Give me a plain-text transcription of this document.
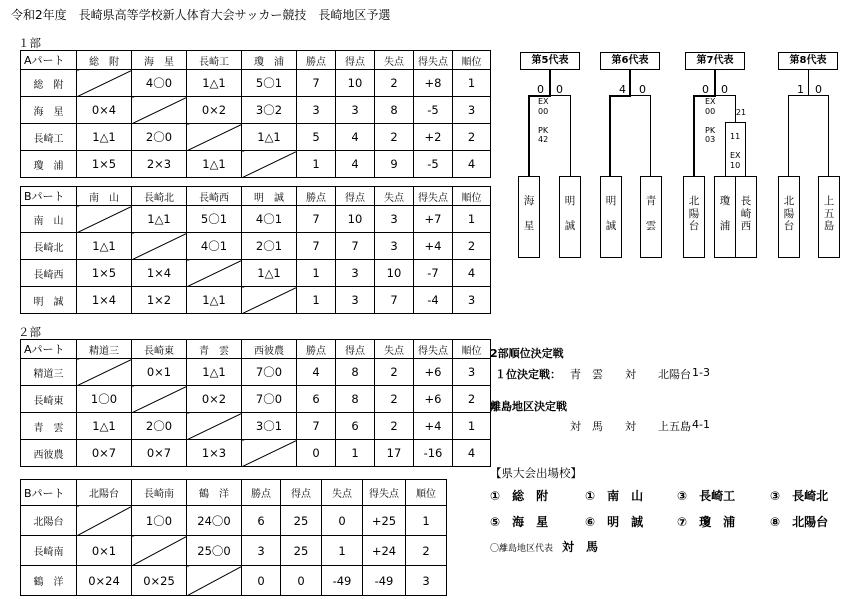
令和2年度　長崎県高等学校新人体育大会サッカー競技　長崎地区予選
１部
２部
Aパート	総　附	海　星	長崎工	瓊　浦	勝点	得点	失点	得失点	順位
総　附		4〇0	1△1	5〇1	7	10	2	+8	1
海　星	0×4		0×2	3〇2	3	3	8	-5	3
長崎工	1△1	2〇0		1△1	5	4	2	+2	2
瓊　浦	1×5	2×3	1△1		1	4	9	-5	4
Bパート	南　山	長崎北	長崎西	明　誠	勝点	得点	失点	得失点	順位
南　山		1△1	5〇1	4〇1	7	10	3	+7	1
長崎北	1△1		4〇1	2〇1	7	7	3	+4	2
長崎西	1×5	1×4		1△1	1	3	10	-7	4
明　誠	1×4	1×2	1△1		1	3	7	-4	3
Aパート	精道三	長崎東	青　雲	西彼農	勝点	得点	失点	得失点	順位
精道三		0×1	1△1	7〇0	4	8	2	+6	3
長崎東	1〇0		0×2	7〇0	6	8	2	+6	2
青　雲	1△1	2〇0		3〇1	7	6	2	+4	1
西彼農	0×7	0×7	1×3		0	1	17	-16	4
Bパート	北陽台	長崎南	鶴　洋	勝点	得点	失点	得失点	順位
北陽台		1〇0	24〇0	6	25	0	+25	1
長崎南	0×1		25〇0	3	25	1	+24	2
鶴　洋	0×24	0×25		0	0	-49	-49	3
第5代表	第6代表	第7代表	第8代表
0 0	4 0	0 0	1 0
EX
00

PK
42
EX
00

PK
03
21
11

EX
10
海

星
明

誠
明

誠
青

雲
北
陽
台
瓊

浦
長
崎
西
北
陽
台
上
五
島
2部順位決定戦
１位決定戦： 青　雲　　対　　北陽台 1-3
離島地区決定戦
対　馬　　対　　上五島 4-1
【県大会出場校】
①　総　附	①　南　山	③　長崎工	③　長崎北
⑤　海　星	⑥　明　誠	⑦　瓊　浦	⑧　北陽台
〇離島地区代表 対　馬
